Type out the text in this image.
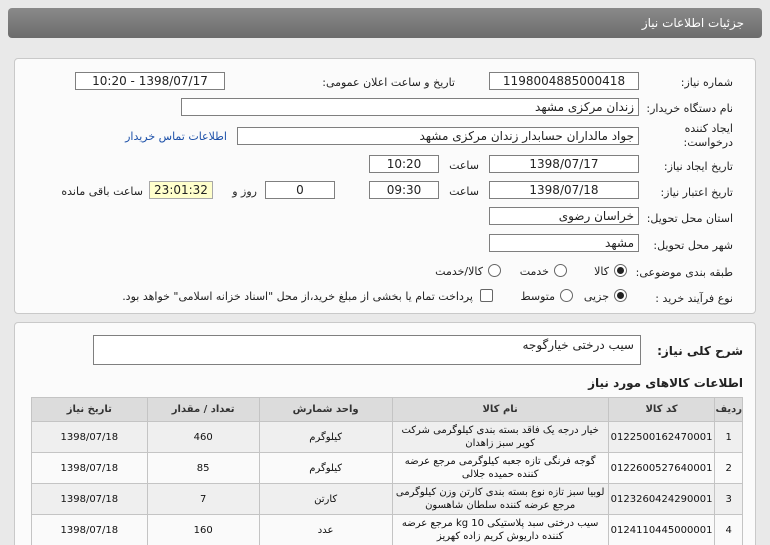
جزئیات اطلاعات نیاز
شماره نیاز:
1198004885000418
تاریخ و ساعت اعلان عمومی:
1398/07/17 - 10:20
نام دستگاه خریدار:
زندان مرکزی مشهد
ایجاد کننده درخواست:
جواد مالداران حسابدار زندان مرکزی مشهد
اطلاعات تماس خریدار
تاریخ ایجاد نیاز:
1398/07/17
ساعت
10:20
تاریخ اعتبار نیاز:
1398/07/18
ساعت
09:30
0
روز و
23:01:32
ساعت باقی مانده
استان محل تحویل:
خراسان رضوی
شهر محل تحویل:
مشهد
طبقه بندی موضوعی:
کالا
خدمت
کالا/خدمت
نوع فرآیند خرید :
جزیی
متوسط
پرداخت تمام یا بخشی از مبلغ خرید،از محل "اسناد خزانه اسلامی" خواهد بود.
شرح کلی نیاز:
سیب درختی خیارگوجه
اطلاعات کالاهای مورد نیاز
ردیف	کد کالا	نام کالا	واحد شمارش	تعداد / مقدار	تاریخ نیاز
1	0122500162470001	خیار درجه یک فاقد بسته بندی کیلوگرمی شرکت کویر سبز زاهدان	کیلوگرم	460	1398/07/18
2	0122600527640001	گوجه فرنگی تازه جعبه کیلوگرمی مرجع عرضه کننده حمیده جلالی	کیلوگرم	85	1398/07/18
3	0123260424290001	لوبیا سبز تازه نوع بسته بندی کارتن وزن کیلوگرمی مرجع عرضه کننده سلطان شاهسون	کارتن	7	1398/07/18
4	0124110445000001	سیب درختی سبد پلاستیکی 10 kg مرجع عرضه کننده داریوش کریم زاده کهریز	عدد	160	1398/07/18
